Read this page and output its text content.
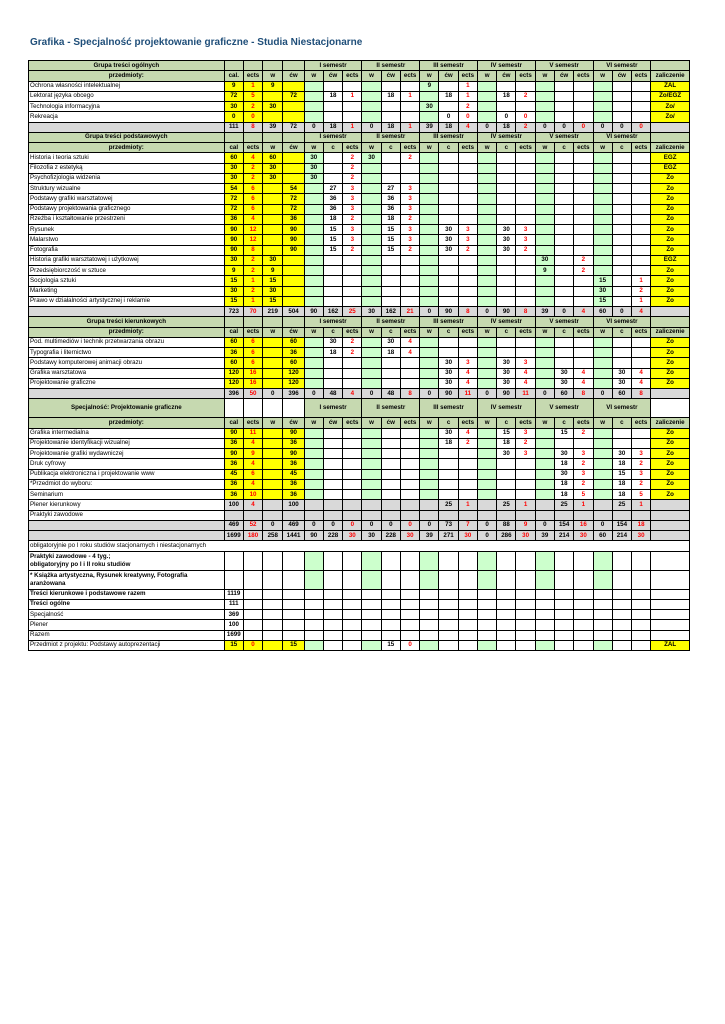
Grafika - Specjalność projektowanie graficzne - Studia Niestacjonarne
Grupa treści ogólnych					I semestr			II semestr			III semestr			IV semestr			V semestr			VI semestr			
przedmioty:	cal.	ects	w	ćw	w	ćw	ects	w	ćw	ects	w	ćw	ects	w	ćw	ects	w	ćw	ects	w	ćw	ects	zaliczenie
Ochrona własności intelektualnej	9	1	9								9		1										ZAL
Lektorat języka obcego	72	5		72		18	1		18	1		18	1		18	2							Zo/EGZ
Technologia informacyjna	30	2	30								30		2										Zo/
Rekreacja	0	0										0	0		0	0							Zo/
	111	8	39	72	0	18	1	0	18	1	39	18	4	0	18	2	0	0	0	0	0	0	
Grupa treści podstawowych					I semestr			II semestr			III semestr			IV semestr			V semestr			VI semestr			
przedmioty:	cal	ects	w	ćw	w	c	ects	w	c	ects	w	c	ects	w	c	ects	w	c	ects	w	c	ects	zaliczenie
Historia i teoria sztuki	60	4	60		30		2	30		2													EGZ
Filozofia z estetyką	30	2	30		30		2																EGZ
Psychofizjologia widzenia	30	2	30		30		2																Zo
Struktury wizualne	54	6		54		27	3		27	3													Zo
Podstawy grafiki warsztatowej	72	6		72		36	3		36	3													Zo
Podstawy projektowania graficznego	72	6		72		36	3		36	3													Zo
Rzeźba i kształtowanie przestrzeni	36	4		36		18	2		18	2													Zo
Rysunek	90	12		90		15	3		15	3		30	3		30	3							Zo
Malarstwo	90	12		90		15	3		15	3		30	3		30	3							Zo
Fotografia	90	8		90		15	2		15	2		30	2		30	2							Zo
Historia grafiki warsztatowej i użytkowej	30	2	30														30		2				EGZ
Przedsiębiorczość w sztuce	9	2	9														9		2				Zo
Socjologia sztuki	15	1	15																	15		1	Zo
Marketing	30	2	30																	30		2	Zo
Prawo w działalności artystycznej i reklamie	15	1	15																	15		1	Zo
	723	70	219	504	90	162	25	30	162	21	0	90	8	0	90	8	39	0	4	60	0	4	
Grupa treści kierunkowych					I semestr			II semestr			III semestr			IV semestr			V semestr			VI semestr			
przedmioty:	cal	ects	w	ćw	w	c	ects	w	c	ects	w	c	ects	w	c	ects	w	c	ects	w	c	ects	zaliczenie
Pod. multimediów i technik przetwarzania obrazu	60	6		60		30	2		30	4													Zo
Typografia i liternictwo	36	6		36		18	2		18	4													Zo
Podstawy komputerowej animacji obrazu	60	6		60								30	3		30	3							Zo
Grafika warsztatowa	120	16		120								30	4		30	4		30	4		30	4	Zo
Projektowanie graficzne	120	16		120								30	4		30	4		30	4		30	4	Zo
	396	50	0	396	0	48	4	0	48	8	0	90	11	0	90	11	0	60	8	0	60	8	
Specjalność: Projektowanie graficzne					I semestr			II semestr			III semestr			IV semestr			V semestr			VI semestr			
przedmioty:	cal	ects	w	ćw	w	ćw	ects	w	ćw	ects	w	c	ects	w	c	ects	w	c	ects	w	c	ects	zaliczenie
Grafika intermedialna	90	11		90								30	4		15	3		15	2				Zo
Projektowanie identyfikacji wizualnej	36	4		36								18	2		18	2							Zo
Projektowanie grafiki wydawniczej	90	9		90											30	3		30	3		30	3	Zo
Druk cyfrowy	36	4		36														18	2		18	2	Zo
Publikacja elektroniczna i projektowanie www	45	6		45														30	3		15	3	Zo
*Przedmiot do wyboru:	36	4		36														18	2		18	2	Zo
Seminarium	36	10		36														18	5		18	5	Zo
Plener kierunkowy	100	4		100								25	1		25	1		25	1		25	1	
Praktyki zawodowe																							
	469	52	0	469	0	0	0	0	0	0	0	73	7	0	88	9	0	154	16	0	154	18	
	1699	180	258	1441	90	228	30	30	228	30	39	271	30	0	286	30	39	214	30	60	214	30	
obligatoryjnie po I roku studiów stacjonarnych i niestacjonarnych																							

Praktyki zawodowe - 4 tyg.;
obligatoryjny po I i II roku studiów																							

* Książka artystyczna, Rysunek kreatywny, Fotografia
aranżowana																							

Treści kierunkowe i podstawowe razem	1119																						
Treści ogólne	111																						
Specjalność	369																						
Plener	100																						
Razem	1699																						
Przedmiot z projektu: Podstawy autoprezentacji	15	0		15					15	0													ZAL
